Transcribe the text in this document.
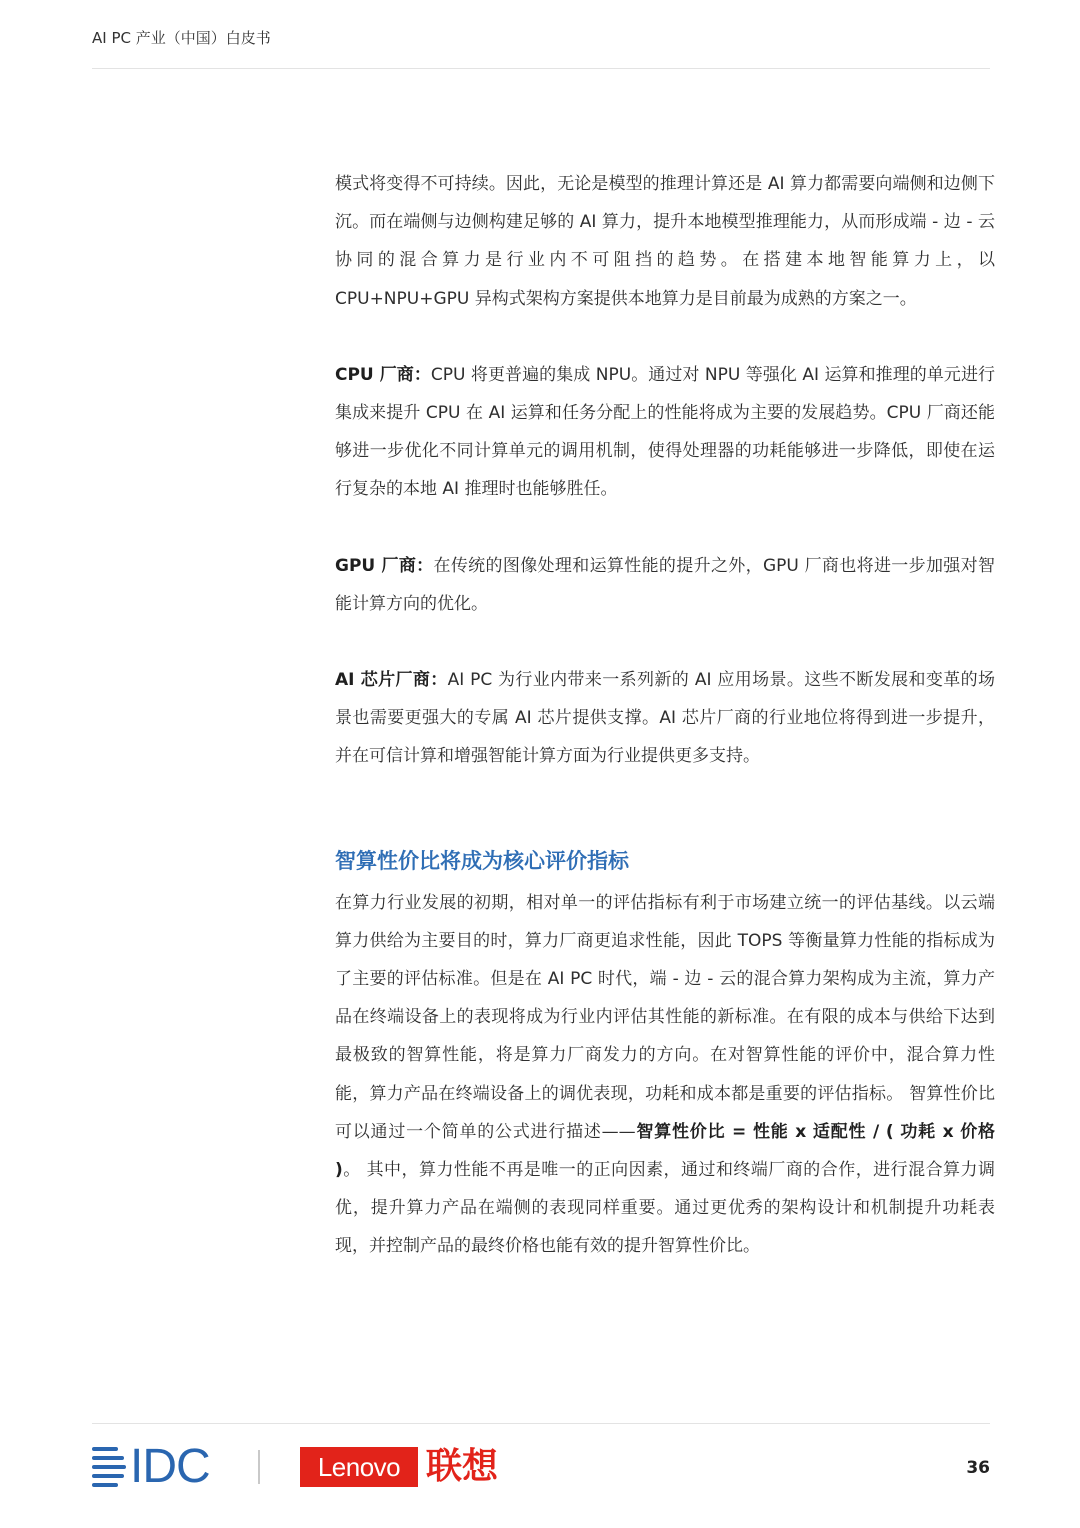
AI PC 产业（中国）白皮书

模式将变得不可持续。因此，无论是模型的推理计算还是 AI 算力都需要向端侧和边侧下沉。而在端侧与边侧构建足够的 AI 算力，提升本地模型推理能力，从而形成端 - 边 - 云协同的混合算力是行业内不可阻挡的趋势。在搭建本地智能算力上，以 CPU+NPU+GPU 异构式架构方案提供本地算力是目前最为成熟的方案之一。

CPU 厂商：CPU 将更普遍的集成 NPU。通过对 NPU 等强化 AI 运算和推理的单元进行集成来提升 CPU 在 AI 运算和任务分配上的性能将成为主要的发展趋势。CPU 厂商还能够进一步优化不同计算单元的调用机制，使得处理器的功耗能够进一步降低，即使在运行复杂的本地 AI 推理时也能够胜任。

GPU 厂商：在传统的图像处理和运算性能的提升之外，GPU 厂商也将进一步加强对智能计算方向的优化。

AI 芯片厂商：AI PC 为行业内带来一系列新的 AI 应用场景。这些不断发展和变革的场景也需要更强大的专属 AI 芯片提供支撑。AI 芯片厂商的行业地位将得到进一步提升，并在可信计算和增强智能计算方面为行业提供更多支持。

智算性价比将成为核心评价指标

在算力行业发展的初期，相对单一的评估指标有利于市场建立统一的评估基线。以云端算力供给为主要目的时，算力厂商更追求性能，因此 TOPS 等衡量算力性能的指标成为了主要的评估标准。但是在 AI PC 时代，端 - 边 - 云的混合算力架构成为主流，算力产品在终端设备上的表现将成为行业内评估其性能的新标准。在有限的成本与供给下达到最极致的智算性能，将是算力厂商发力的方向。在对智算性能的评价中，混合算力性能，算力产品在终端设备上的调优表现，功耗和成本都是重要的评估指标。 智算性价比可以通过一个简单的公式进行描述——智算性价比 = 性能 x 适配性 / ( 功耗 x 价格 )。 其中，算力性能不再是唯一的正向因素，通过和终端厂商的合作，进行混合算力调优，提升算力产品在端侧的表现同样重要。通过更优秀的架构设计和机制提升功耗表现，并控制产品的最终价格也能有效的提升智算性价比。

IDC	Lenovo 联想	36
